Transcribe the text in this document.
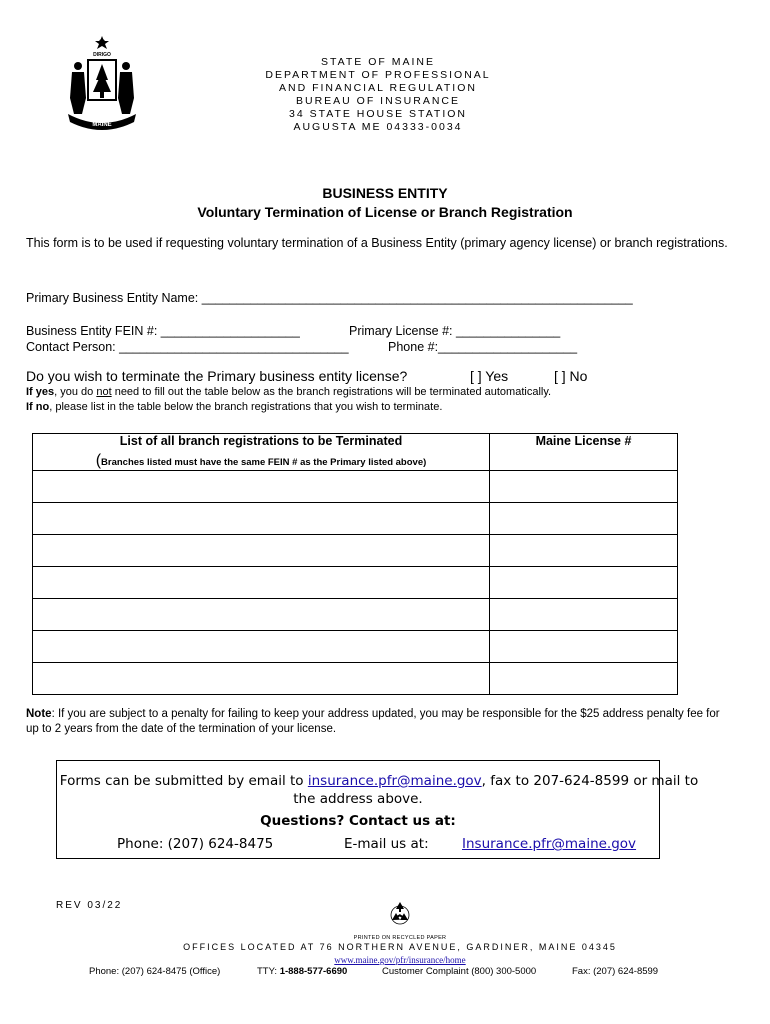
DIRIGO
MAINE
STATE OF MAINE
DEPARTMENT OF PROFESSIONAL
AND FINANCIAL REGULATION
BUREAU OF INSURANCE
34 STATE HOUSE STATION
AUGUSTA ME 04333-0034
BUSINESS ENTITY
Voluntary Termination of License or Branch Registration
This form is to be used if requesting voluntary termination of a Business Entity (primary agency license) or branch registrations.
Primary Business Entity Name: ______________________________________________________________
Business Entity FEIN #: ____________________	Primary License #: _______________
Contact Person: _________________________________	Phone #:____________________
Do you wish to terminate the Primary business entity license?	[ ] Yes	[ ] No
If yes, you do not need to fill out the table below as the branch registrations will be terminated automatically.
If no, please list in the table below the branch registrations that you wish to terminate.
List of all branch registrations to be Terminated
(Branches listed must have the same FEIN # as the Primary listed above)	Maine License #

Note: If you are subject to a penalty for failing to keep your address updated, you may be responsible for the $25 address penalty fee for up to 2 years from the date of the termination of your license.
Forms can be submitted by email to insurance.pfr@maine.gov, fax to 207-624-8599 or mail to
the address above.
Questions? Contact us at:
Phone: (207) 624-8475	E-mail us at: Insurance.pfr@maine.gov
REV 03/22
PRINTED ON RECYCLED PAPER
OFFICES LOCATED AT 76 NORTHERN AVENUE, GARDINER, MAINE 04345
www.maine.gov/pfr/insurance/home
Phone: (207) 624-8475 (Office)	TTY: 1-888-577-6690	Customer Complaint (800) 300-5000	Fax: (207) 624-8599
